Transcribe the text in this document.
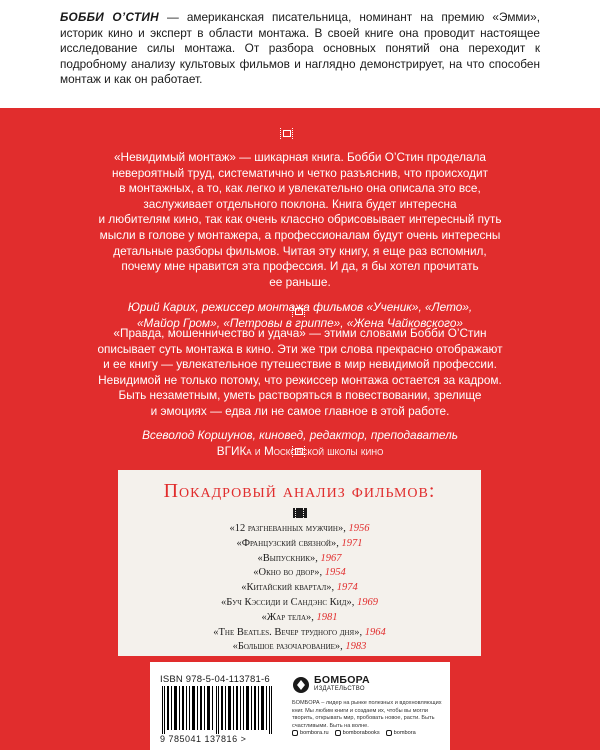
БОББИ О’СТИН — американская писательница, номинант на премию «Эмми», историк кино и эксперт в области монтажа. В своей книге она проводит настоящее исследование силы монтажа. От разбора основных понятий она переходит к подробному анализу культовых фильмов и наглядно демонстрирует, на что способен монтаж и как он работает.
«Невидимый монтаж» — шикарная книга. Бобби О’Стин проделала
невероятный труд, систематично и четко разъяснив, что происходит
в монтажных, а то, как легко и увлекательно она описала это все,
заслуживает отдельного поклона. Книга будет интересна
и любителям кино, так как очень классно обрисовывает интересный путь
мысли в голове у монтажера, а профессионалам будут очень интересны
детальные разборы фильмов. Читая эту книгу, я еще раз вспомнил,
почему мне нравится эта профессия. И да, я бы хотел прочитать
ее раньше.
Юрий Карих, режиссер монтажа фильмов «Ученик», «Лето»,
«Майор Гром», «Петровы в гриппе», «Жена Чайковского»
«Правда, мошенничество и удача» — этими словами Бобби О’Стин
описывает суть монтажа в кино. Эти же три слова прекрасно отображают
и ее книгу — увлекательное путешествие в мир невидимой профессии.
Невидимой не только потому, что режиссер монтажа остается за кадром.
Быть незаметным, уметь растворяться в повествовании, зрелище
и эмоциях — едва ли не самое главное в этой работе.
Всеволод Коршунов, киновед, редактор, преподаватель
ВГИКа и Московской школы кино
Покадровый анализ фильмов:
«12 разгневанных мужчин», 1956
«Французский связной», 1971
«Выпускник», 1967
«Окно во двор», 1954
«Китайский квартал», 1974
«Буч Кэссиди и Сандэнс Кид», 1969
«Жар тела», 1981
«The Beatles. Вечер трудного дня», 1964
«Большое разочарование», 1983
ISBN 978-5-04-113781-6
9 785041 137816 >
БОМБОРА
ИЗДАТЕЛЬСТВО
БОМБОРА – лидер на рынке полезных и вдохновляющих книг. Мы любим книги и создаем их, чтобы вы могли творить, открывать мир, пробовать новое, расти. Быть счастливыми. Быть на волне.
bombora.ru	bomborabooks	bombora
